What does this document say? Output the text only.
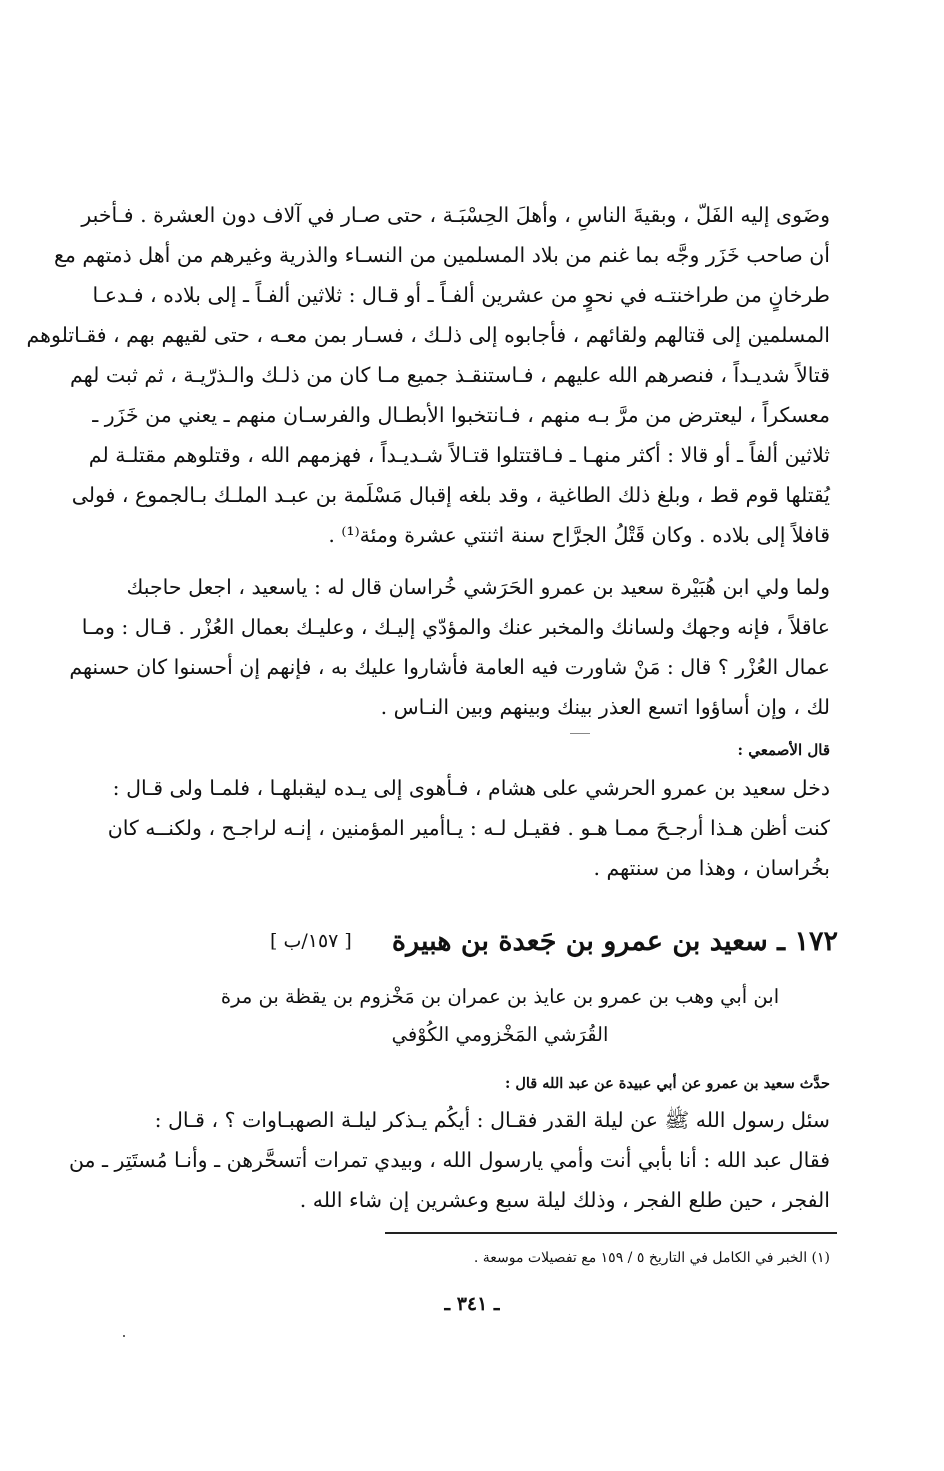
وضَوى إليه الفَلّ ، وبقيةَ الناسِ ، وأهلَ الحِسْبَـة ، حتى صـار في آلاف دون العشرة . فـأخبر
أن صاحب خَزَر وجَّه بما غنم من بلاد المسلمين من النسـاء والذرية وغيرهم من أهل ذمتهم مع
طرخانٍ من طراخنتـه في نحوٍ من عشرين ألفـاً ـ أو قـال : ثلاثين ألفـاً ـ إلى بلاده ، فـدعـا
المسلمين إلى قتالهم ولقائهم ، فأجابوه إلى ذلـك ، فسـار بمن معـه ، حتى لقيهم بهم ، فقـاتلوهم
قتالاً شديـداً ، فنصرهم الله عليهم ، فـاستنقـذ جميع مـا كان من ذلـك والـذرّيـة ، ثم ثبت لهم
معسكراً ، ليعترض من مرَّ بـه منهم ، فـانتخبوا الأبطـال والفرسـان منهم ـ يعني من خَزَر ـ
ثلاثين ألفاً ـ أو قالا : أكثر منهـا ـ فـاقتتلوا قتـالاً شـديـداً ، فهزمهم الله ، وقتلوهم مقتلـة لم
يُقتلها قوم قط ، وبلغ ذلك الطاغية ، وقد بلغه إقبال مَسْلَمة بن عبـد الملـك بـالجموع ، فولى
قافلاً إلى بلاده . وكان قَتْلُ الجرَّاح سنة اثنتي عشرة ومئة⁽¹⁾ .
ولما ولي ابن هُبَيْرة سعيد بن عمرو الحَرَشي خُراسان قال له : ياسعيد ، اجعل حاجبك
عاقلاً ، فإنه وجهك ولسانك والمخبر عنك والمؤدّي إليـك ، وعليـك بعمال العُزْر . قـال : ومـا
عمال العُزْر ؟ قال : مَنْ شاورت فيه العامة فأشاروا عليك به ، فإنهم إن أحسنوا كان حسنهم
لك ، وإن أساؤوا اتسع العذر بينك وبينهم وبين النـاس .
قال الأصمعي :
دخل سعيد بن عمرو الحرشي على هشام ، فـأهوى إلى يـده ليقبلهـا ، فلمـا ولى قـال :
كنت أظن هـذا أرجـحَ ممـا هـو . فقيـل لـه : يـاأمير المؤمنين ، إنـه لراجـح ، ولكنــه كان
بخُراسان ، وهذا من سنتهم .
١٧٢ ـ سعيد بن عمرو بن جَعدة بن هبيرة
[ ١٥٧/ب ]
ابن أبي وهب بن عمرو بن عايذ بن عمران بن مَخْزوم بن يقظة بن مرة
القُرَشي المَخْزومي الكُوْفي
حدَّث سعيد بن عمرو عن أبي عبيدة عن عبد الله قال :
سئل رسول الله ﷺ عن ليلة القدر فقـال : أيكُم يـذكر ليلـة الصهبـاوات ؟ ، قـال :
فقال عبد الله : أنا بأبي أنت وأمي يارسول الله ، وبيدي تمرات أتسحَّرهن ـ وأنـا مُستَتِر ـ من
الفجر ، حين طلع الفجر ، وذلك ليلة سبع وعشرين إن شاء الله .
(١) الخبر في الكامل في التاريخ ٥ / ١٥٩ مع تفصيلات موسعة .
ـ ٣٤١ ـ
